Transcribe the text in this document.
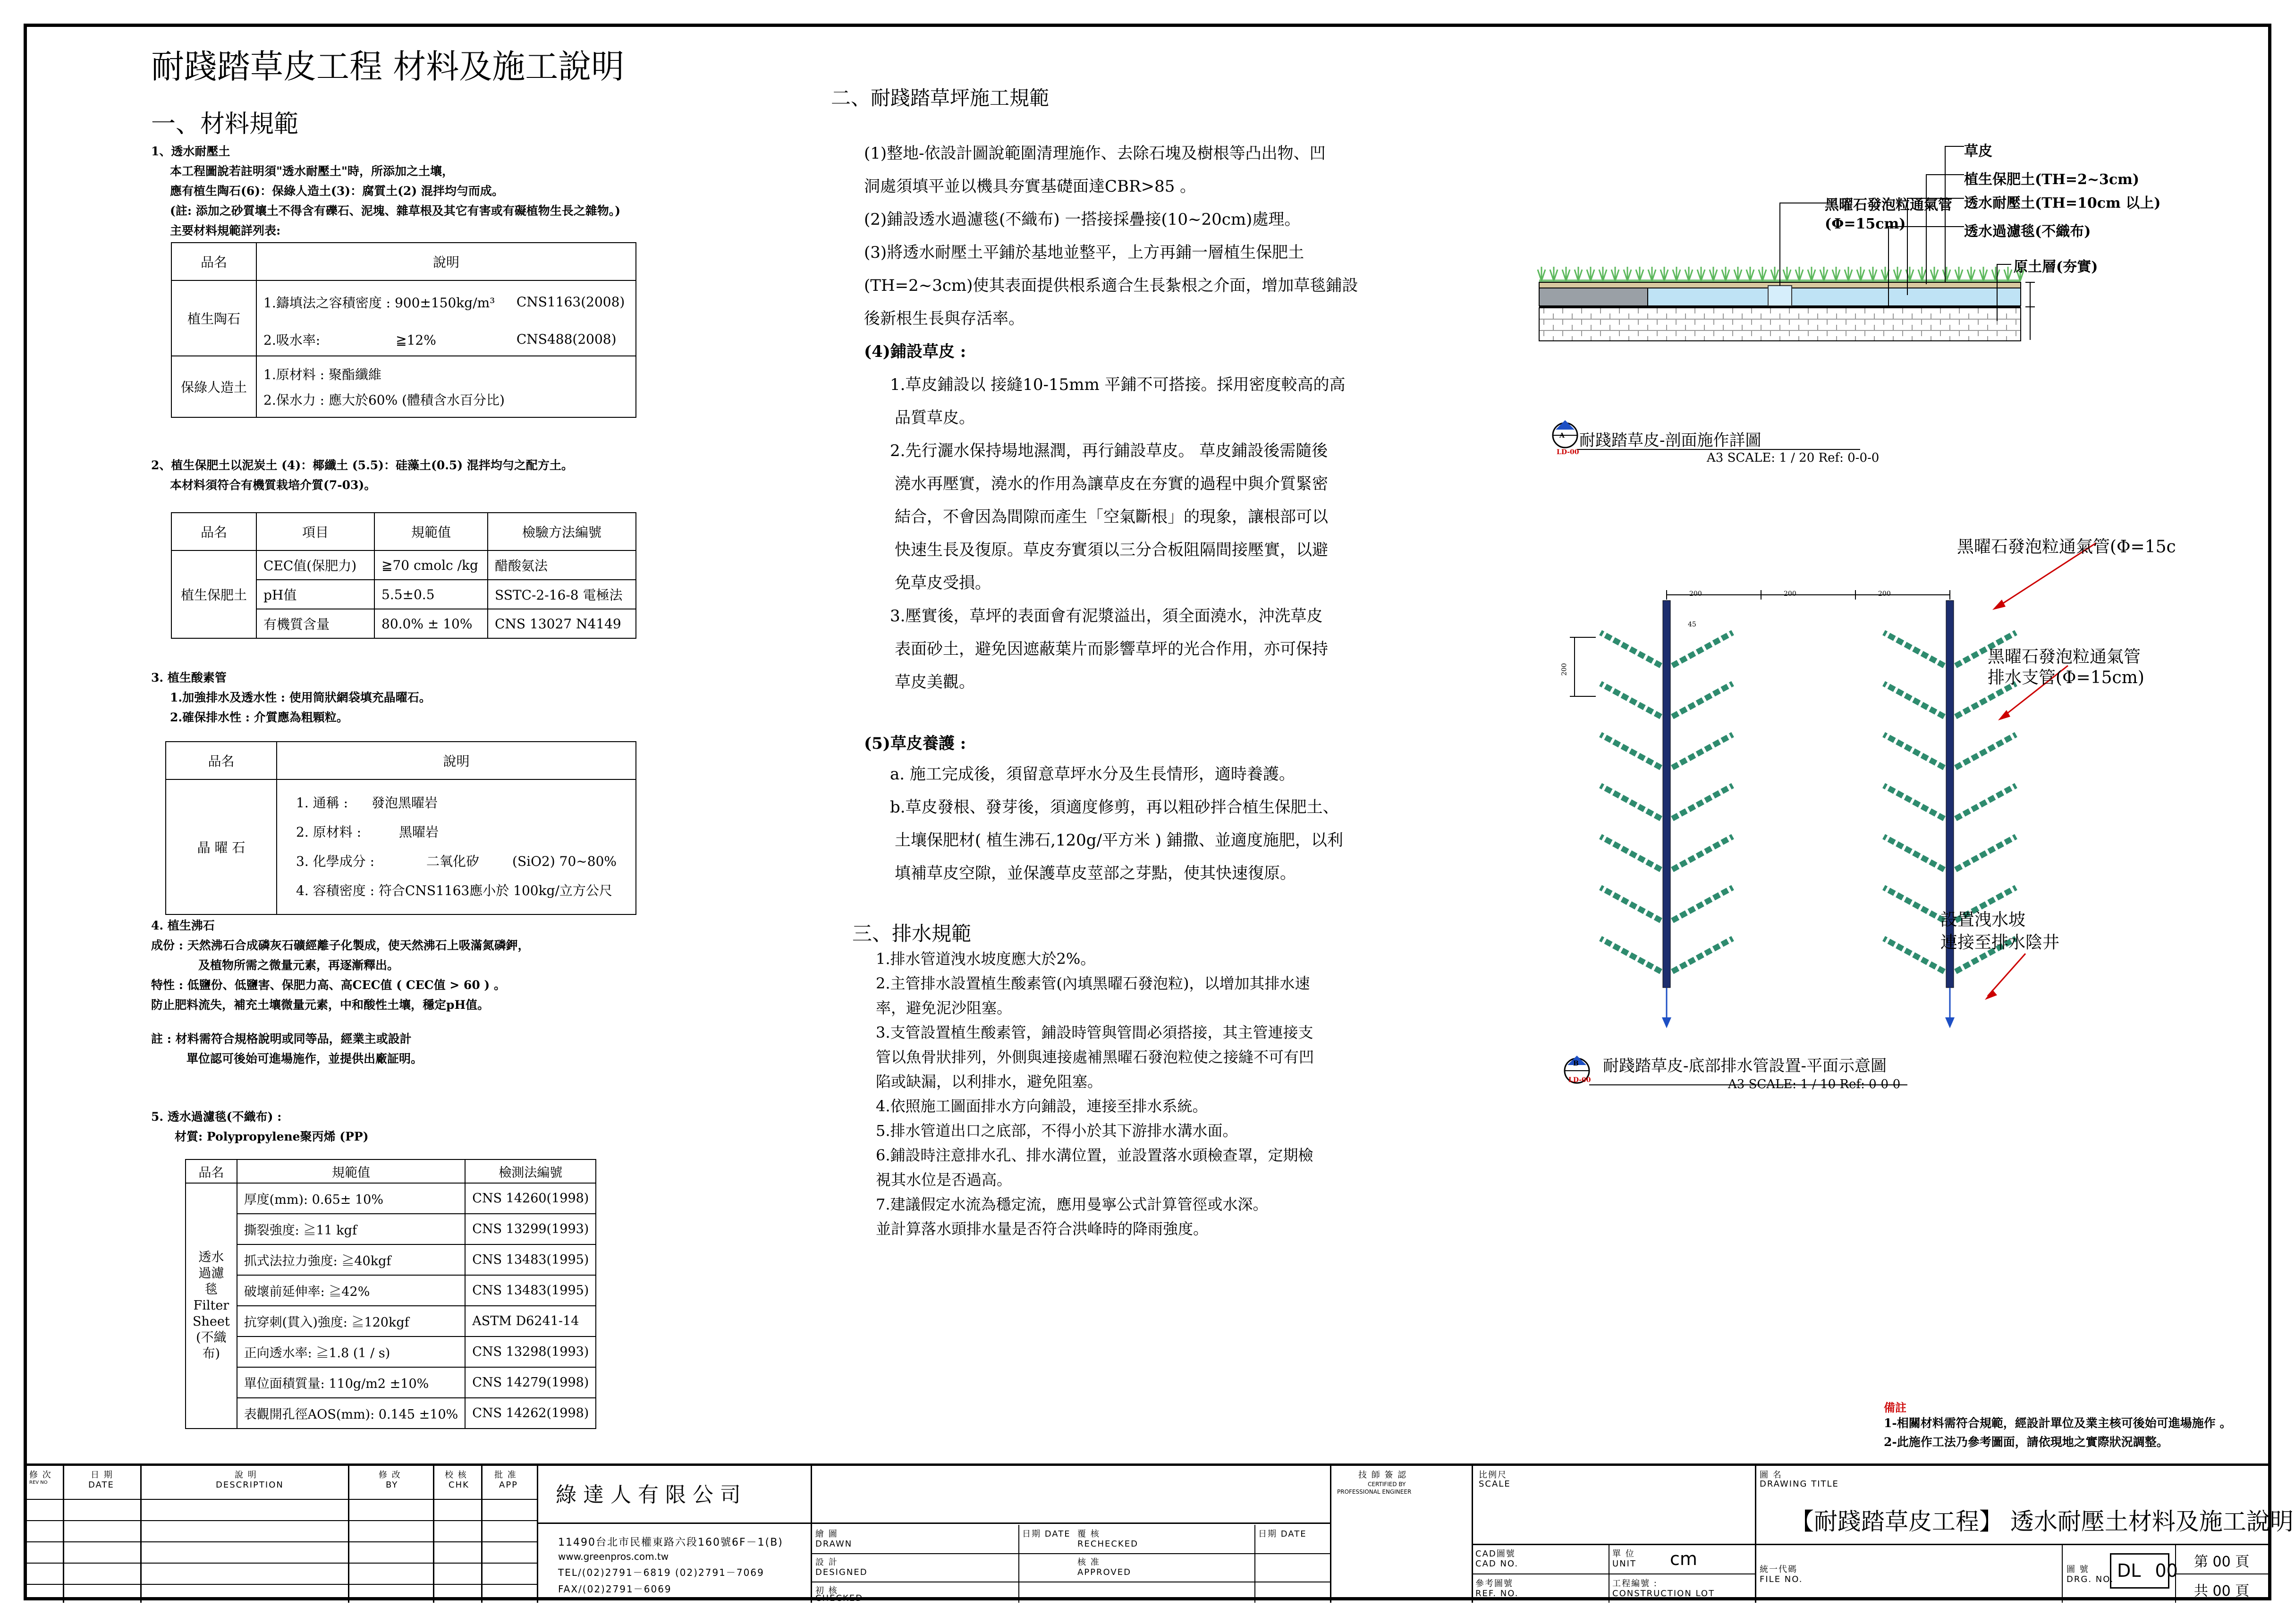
耐踐踏草皮工程 材料及施工說明
一、材料規範
1、透水耐壓土
本工程圖說若註明須"透水耐壓土"時，所添加之土壤，
應有植生陶石(6)：保綠人造土(3)：腐質土(2) 混拌均勻而成。
(註: 添加之砂質壤土不得含有礫石、泥塊、雜草根及其它有害或有礙植物生長之雜物。)
主要材料規範詳列表:
品名	說明	
植生陶石	1.鑄填法之容積密度 : 900±150kg/m³	CNS1163(2008)
	2.吸水率: ≧12%	CNS488(2008)
保綠人造土	1.原材料 : 聚酯纖維
2.保水力 : 應大於60% (體積含水百分比)	
2、植生保肥土以泥炭土 (4)：椰纖土 (5.5)：硅藻土(0.5) 混拌均勻之配方土。
本材料須符合有機質栽培介質(7-03)。
品名	項目	規範值	檢驗方法編號
植生保肥土	CEC值(保肥力)	≧70 cmolc /kg	醋酸氨法
	pH值	5.5±0.5	SSTC-2-16-8 電極法
	有機質含量	80.0% ± 10%	CNS 13027 N4149
3. 植生酸素管
1.加強排水及透水性 : 使用筒狀網袋填充晶曜石。
2.確保排水性 : 介質應為粗顆粒。
品名	說明
晶 曜 石	1. 通稱 : 發泡黑曜岩
2. 原材料 : 黑曜岩
3. 化學成分 : 二氧化矽 (SiO2) 70~80%
4. 容積密度 : 符合CNS1163應小於 100kg/立方公尺
4. 植生沸石
成份 : 天然沸石合成磷灰石礦經離子化製成，使天然沸石上吸滿氮磷鉀，
及植物所需之微量元素，再逐漸釋出。
特性 : 低鹽份、低鹽害、保肥力高、高CEC值 ( CEC值 > 60 ) 。
防止肥料流失，補充土壤微量元素，中和酸性土壤，穩定pH值。
註 : 材料需符合規格說明或同等品，經業主或設計
單位認可後始可進場施作，並提供出廠証明。
5. 透水過濾毯(不織布) :
材質: Polypropylene聚丙烯 (PP)
品名	規範值	檢測法編號

透水過濾毯
Filter Sheet
(不織布)	厚度(mm): 0.65± 10%	CNS 14260(1998)
	撕裂強度: ≧11 kgf	CNS 13299(1993)
	抓式法拉力強度: ≧40kgf	CNS 13483(1995)
	破壞前延伸率: ≧42%	CNS 13483(1995)
	抗穿刺(貫入)強度: ≧120kgf	ASTM D6241-14
	正向透水率: ≧1.8 (1 / s)	CNS 13298(1993)
	單位面積質量: 110g/m2 ±10%	CNS 14279(1998)
	表觀開孔徑AOS(mm): 0.145 ±10%	CNS 14262(1998)
二、耐踐踏草坪施工規範
(1)整地-依設計圖說範圍清理施作、去除石塊及樹根等凸出物、凹
洞處須填平並以機具夯實基礎面達CBR>85 。
(2)鋪設透水過濾毯(不織布) 一搭接採疊接(10~20cm)處理。
(3)將透水耐壓土平鋪於基地並整平，上方再鋪一層植生保肥土
(TH=2~3cm)使其表面提供根系適合生長紮根之介面，增加草毯鋪設
後新根生長與存活率。
(4)鋪設草皮 :
1.草皮鋪設以 接縫10-15mm 平鋪不可搭接。採用密度較高的高
品質草皮。
2.先行灑水保持場地濕潤，再行鋪設草皮。 草皮鋪設後需隨後
澆水再壓實，澆水的作用為讓草皮在夯實的過程中與介質緊密
結合，不會因為間隙而產生「空氣斷根」的現象，讓根部可以
快速生長及復原。草皮夯實須以三分合板阻隔間接壓實，以避
免草皮受損。
3.壓實後，草坪的表面會有泥漿溢出，須全面澆水，沖洗草皮
表面砂土，避免因遮蔽葉片而影響草坪的光合作用，亦可保持
草皮美觀。
(5)草皮養護 :
a. 施工完成後，須留意草坪水分及生長情形，適時養護。
b.草皮發根、發芽後，須適度修剪，再以粗砂拌合植生保肥土、
土壤保肥材( 植生沸石,120g/平方米 ) 鋪撒、並適度施肥，以利
填補草皮空隙，並保護草皮莖部之芽點，使其快速復原。
三、排水規範
1.排水管道洩水坡度應大於2%。
2.主管排水設置植生酸素管(內填黑曜石發泡粒)，以增加其排水速
率，避免泥沙阻塞。
3.支管設置植生酸素管，鋪設時管與管間必須搭接，其主管連接支
管以魚骨狀排列，外側與連接處補黑曜石發泡粒使之接縫不可有凹
陷或缺漏，以利排水，避免阻塞。
4.依照施工圖面排水方向鋪設，連接至排水系統。
5.排水管道出口之底部，不得小於其下游排水溝水面。
6.鋪設時注意排水孔、排水溝位置，並設置落水頭檢查罩，定期檢
視其水位是否過高。
7.建議假定水流為穩定流，應用曼寧公式計算管徑或水深。
並計算落水頭排水量是否符合洪峰時的降雨強度。
草皮
植生保肥土(TH=2~3cm)
透水耐壓土(TH=10cm 以上)
透水過濾毯(不織布)
原土層(夯實)
黑曜石發泡粒通氣管
(Φ=15cm)
A
LD-00
耐踐踏草皮-剖面施作詳圖
A3 SCALE: 1 / 20 Ref: 0-0-0
200	200	200
200
45
黑曜石發泡粒通氣管(Φ=15c
黑曜石發泡粒通氣管
排水支管(Φ=15cm)
設置洩水坡
連接至排水陰井
B
LD-00
耐踐踏草皮-底部排水管設置-平面示意圖
A3 SCALE: 1 / 10 Ref: 0-0-0
備註
1-相關材料需符合規範，經設計單位及業主核可後始可進場施作 。
2-此施作工法乃參考圖面，請依現地之實際狀況調整。
修 次
REV NO
日 期
DATE
說 明
DESCRIPTION
修 改
BY
校 核
CHK
批 准
APP 綠 達 人 有 限 公 司
11490台北市民權東路六段160號6F－1(B)
www.greenpros.com.tw
TEL/(02)2791－6819 (02)2791－7069
FAX/(02)2791－6069
繪 圖
DRAWN
日期 DATE 覆 核
RECHECKED
日期 DATE
設 計
DESIGNED
核 准
APPROVED
初 核
CHECKED
技 師 簽 認
CERTIFIED BY
PROFESSIONAL ENGINEER
比例尺
SCALE
CAD圖號
CAD NO.
單 位
UNIT cm
參考圖號
REF. NO.
工程編號 :
CONSTRUCTION LOT
圖 名
DRAWING TITLE
【耐踐踏草皮工程】 透水耐壓土材料及施工說明
統一代碼
FILE NO.
圖 號
DRG. NO. DL 00 第 00 頁
共 00 頁
